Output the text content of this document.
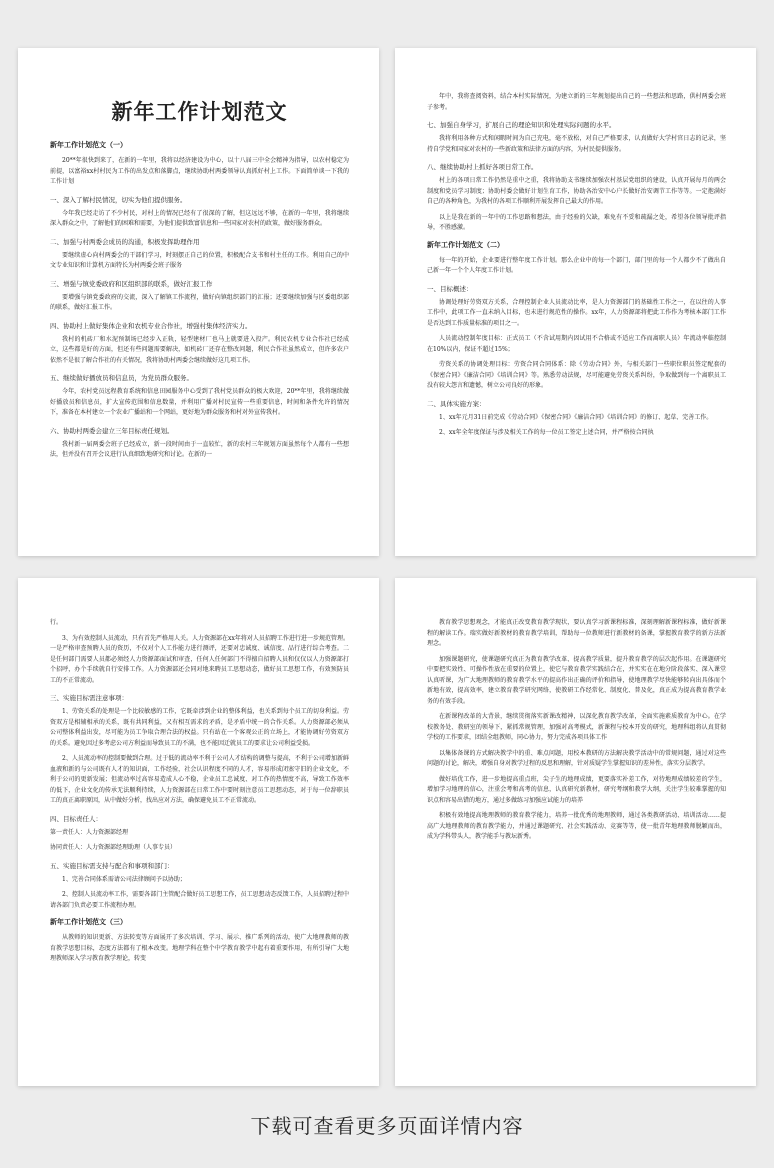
新年工作计划范文
新年工作计划范文（一）
20**年很快到来了，在新的一年里，我将以经济建设为中心，以十八届三中全会精神为指导，以农村稳定为前提，以富裕xx村村民为工作的出发点和落脚点，继续协助村两委领导认真抓好村上工作。下面简单谈一下我的工作计划
一、深入了解村民情况，切实为他们提供服务。
今年我已经走访了不少村民，对村上的情况已经有了很深的了解，但这远远不够，在新的一年里，我将继续深入群众之中，了解他们的困难和需要，为他们提供致富信息和一些国家对农村的政策，做好服务群众。
二、加强与村两委会成员的沟通，积极发挥助理作用
要继续虚心向村两委会的干部们学习，时刻摆正自己的位置，积极配合支书和村主任的工作。利用自己的中文专业知识和计算机方面特长为村两委会班子服务
三、增强与镇党委政府和区组织部的联系，做好汇报工作
要增强与镇党委政府的交流，深入了解镇工作流程，做好向镇组织部门的汇报；还要继续加强与区委组织部的联系，做好汇报工作。
四、协助村上做好集体企业和农机专业合作社，增强村集体经济实力。
我村的机砖厂和水泥预制场已经步入正轨，轻型建材厂也马上就要进入投产。利民农机专业合作社已经成立，这些都是好的方面，但还有些问题需要解决，如机砖厂还存在整改问题，利民合作社虽然成立，但许多农户依然不是很了解合作社的有关情况，我将协助村两委会继续做好这几项工作。
五、继续做好播放员和信息员，为党员群众服务。
今年，农村党员远程教育系统和信息田园服务中心受到了我村党员群众的极大欢迎，20**年里，我将继续做好播放员和信息员，扩大宣传范围和信息数量，并利用广播对村民宣传一些重要信息，时间和条件允许的情况下，准备在本村建立一个农业广播站和一个网站，更好地为群众服务和村对外宣传我村。
六、协助村两委会建立三年目标责任规划。
我村新一届两委会班子已经成立，新一段时间由于一直较忙，新的农村三年规划方面虽然每个人都有一些想法，但并没有召开会议进行认真细致地研究和讨论。在新的一
年中，我将查阅资料，结合本村实际情况，为建立新的三年规划提出自己的一些想法和思路，供村两委会班子参考。
七、加强自身学习，扩展自己的理论知识和处理实际问题的水平。
我将利用各种方式和闲暇时间为自己充电，毫不放松，对自己严格要求，认真做好大学村官日志的记录，坚持自学党和国家对农村的一些新政策和法律方面的内容，为村民提供服务。
八、继续协助村上抓好各项日常工作。
村上的各项日常工作仍然是重中之重，我将协助支书继续加强农村基层党组织的建设，认真开展每月的两会制度和党员学习制度；协助村委会做好计划生育工作，协助各治安中心户长做好治安调节工作等等。一定抱满好自己的各种角色，为我村的各项工作顺利开展发挥自己最大的作用。
以上是我在新的一年中的工作思路和想法，由于经验的欠缺，难免有不妥和疏漏之处，希望各位领导批评指导，不胜感激。
新年工作计划范文（二）
每一年的开始，企业要进行整年度工作计划。那么企业中的每一个部门，部门里的每一个人都少不了做出自己新一年一个个人年度工作计划。
一、目标概述：
协调处理好劳资双方关系，合理控制企业人员流动比率，是人力资源部门的基础性工作之一，在以往的人事工作中，此项工作一直未纳入目标，也未进行规范性的操作。xx年，人力资源部将把此工作作为考核本部门工作是否达到工作质量标准的项目之一。
人员流动控制年度目标：正式员工（不含试用期内因试用不合格或不适应工作而离职人员）年流动率临控制在10%以内，保证不超过15%；
劳资关系的协调处理目标：劳资合同合同体系：除《劳动合同》外，与相关部门一些职位职员签定配套的《保密合同》《廉洁合同》《培训合同》等。熟悉劳动法规，尽可能避免劳资关系纠纷，争取做到每一个离职员工没有较大怨言和遗憾，树立公司良好的形象。
二、具体实施方案：
1、xx年元月31日前完成《劳动合同》《保密合同》《廉洁合同》《培训合同》的修订、起草、完善工作。
2、xx年全年度保证与涉及相关工作的每一位员工签定上述合同，并严格按合同执
行。
3、为有效控制人员流动，只有首先严格用人关。人力资源部在xx年将对人员招聘工作进行进一步规范管理。一是严格审查预聘人员的资历，不仅对个人工作能力进行测评，还要对忠诚度、诚信度、品行进行综合考查。二是任何部门需要人员都必须经人力资源部面试和审查，任何人任何部门不得擅自招聘人员和仅仅以人力资源部打个招呼，办个手续就自行安排工作。人力资源部还会同对地来聘员工思想动态，做好员工思想工作，有效预防员工的不正常流动。
三、实施目标需注意事项：
1、劳资关系的处理是一个比较敏感的工作，它既牵涉到企业的整体利益，也关系到每个员工的切身利益。劳资双方是相辅相承的关系，既有共同利益，又有相互需求的矛盾，是矛盾中统一的合作关系。人力资源部必须从公司整体利益出发，尽可能为员工争取合理合法的权益。只有站在一个客观公正的立场上，才能协调好劳资双方的关系。避免因过多考虑公司方利益而导致员工的不满，也不能因迁就员工的要求让公司利益受损。
2、人员流动率的控制要做到合理。过于低的流动率不利于公司人才结构的调整与提高，不利于公司增加新鲜血液和新的与公司既有人才的知识面，工作经验，社会认识程度不同的人才，容易形成闭塞守旧的企业文化，不利于公司的更新发展；但流动率过高容易造成人心不稳，企业员工忠诚度、对工作的热情度不高，导致工作效率的低下，企业文化的传承无法顺利持续，人力资源部在日常工作中要时刻注意员工思想动态，对于每一位辞职员工的真正离职原因，从中做好分析，找出应对方法，确保避免员工不正常流动。
四、目标责任人：
第一责任人：人力资源部经理
协同责任人：人力资源部经理助理（人事专员）
五、实施目标需支持与配合和事项和部门：
1、完善合同体系需请公司法律顾问予以协助；
2、控制人员流动率工作，需要各部门主管配合做好员工思想工作，员工思想动态反馈工作，人员招聘过程中请各部门负责必要工作流程办理。
新年工作计划范文（三）
从教师的知识更新、方法转变等方面展开了多次培训、学习、展示、推广系列的活动，使广大地理教师的教育教学思想目标，态度方法都有了根本改变。地理学科在整个中学教育教学中起有着重要作用，有所引导广大地理教师深入学习教育教学理论，转变
教育教学思想观念，才能真正改变教育教学现状，要认真学习新课程标准，深刻理解新课程标准，做好新课程的解读工作。瑞实做好新教材的教育教学培训，帮助每一位教师进行新教材的备课，掌握教育教学的新方法新理念。
加强课题研究，使课题研究真正为教育教学改革、提高教学质量，提升教育教学的层次起作用。在课题研究中要把实效性、可操作性放在重要的位置上，使它与教育教学实践结合在，并实实在在地分阶段落实、深入课堂认真听课，为广大地理教师的教育教学水平的提高作出正确的评价和指导，使地理教学尽快能够转向出具体而个新地有效，提高效率，建立教育教学研究网络，使教研工作经常化、制度化、普及化，真正成为提高教育教学业务的有效手段。
在新课程改革的大背景，继续贯彻落实新课改精神，以深化教育教学改革，全面实施素质教育为中心。在学校教务处、教研室的领导下，紧抓常规管理，加强对高考模式，新课程与校本开发的研究，地理科组将认真贯彻学校的工作要求，团结全组教师，同心协力，努力完成各项具体工作
以集体备课的方式解决教学中的重、难点问题，用校本教研的方法解决教学活动中的常规问题，通过对这些问题的讨论，解决，增强自身对教学过程的反思和理解，针对质疑学生掌握知识的差异性，落实分层教学。
做好培优工作，进一步地提高重点班，尖子生的地理成绩，更要落实补差工作，对待地理成绩较差的学生，增加学习地理的信心，注重会考和高考的信息，认真研究新教材，研究考纲和教学大纲，关注学生较难掌握的知识点和容易出错的地方，通过多做练习加强应试能力的培养
积极有效地提高地理教师的教育教学能力，培养一批优秀的地理教师，通过各类教研活动、培训活动……提高广大地理教师的教育教学能力，并通过课题研究、社会实践活动、竞赛等等，使一批青年地理教师脱颖而出，成为学科带头人，教学能手与教坛新秀。
下载可查看更多页面详情内容
